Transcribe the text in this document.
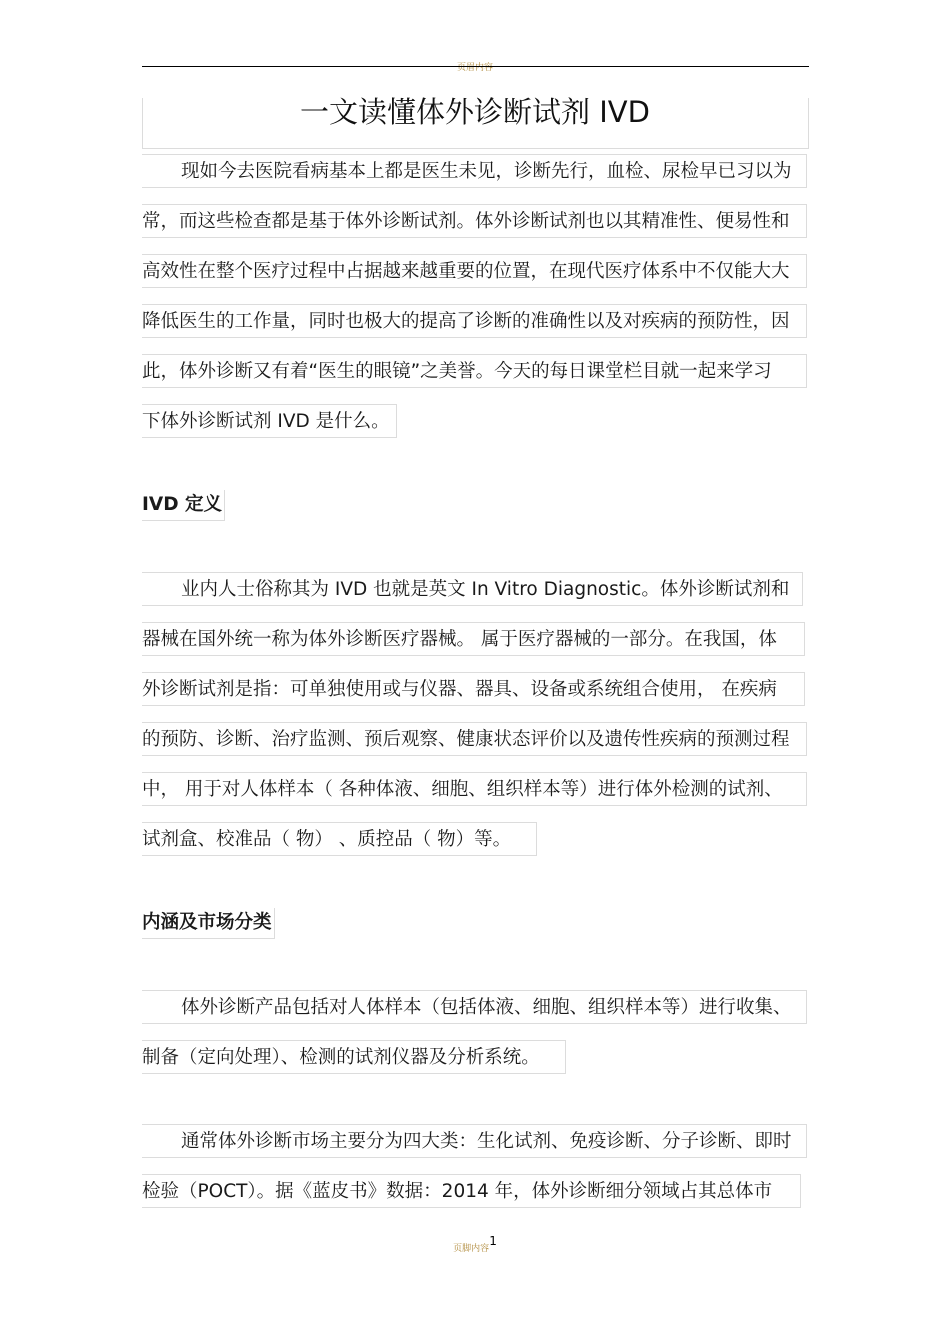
页眉内容
一文读懂体外诊断试剂 IVD
现如今去医院看病基本上都是医生未见，诊断先行，血检、尿检早已习以为
常，而这些检查都是基于体外诊断试剂。体外诊断试剂也以其精准性、便易性和
高效性在整个医疗过程中占据越来越重要的位置，在现代医疗体系中不仅能大大
降低医生的工作量，同时也极大的提高了诊断的准确性以及对疾病的预防性，因
此，体外诊断又有着“医生的眼镜”之美誉。今天的每日课堂栏目就一起来学习
下体外诊断试剂 IVD 是什么。
IVD 定义
业内人士俗称其为 IVD 也就是英文 In Vitro Diagnostic。体外诊断试剂和
器械在国外统一称为体外诊断医疗器械。 属于医疗器械的一部分。在我国，体
外诊断试剂是指：可单独使用或与仪器、器具、设备或系统组合使用， 在疾病
的预防、诊断、治疗监测、预后观察、健康状态评价以及遗传性疾病的预测过程
中， 用于对人体样本（ 各种体液、细胞、组织样本等）进行体外检测的试剂、
试剂盒、校准品（ 物） 、质控品（ 物）等。
内涵及市场分类
体外诊断产品包括对人体样本（包括体液、细胞、组织样本等）进行收集、
制备（定向处理）、检测的试剂仪器及分析系统。
通常体外诊断市场主要分为四大类：生化试剂、免疫诊断、分子诊断、即时
检验（POCT）。据《蓝皮书》数据：2014 年，体外诊断细分领域占其总体市
页脚内容$^1$
